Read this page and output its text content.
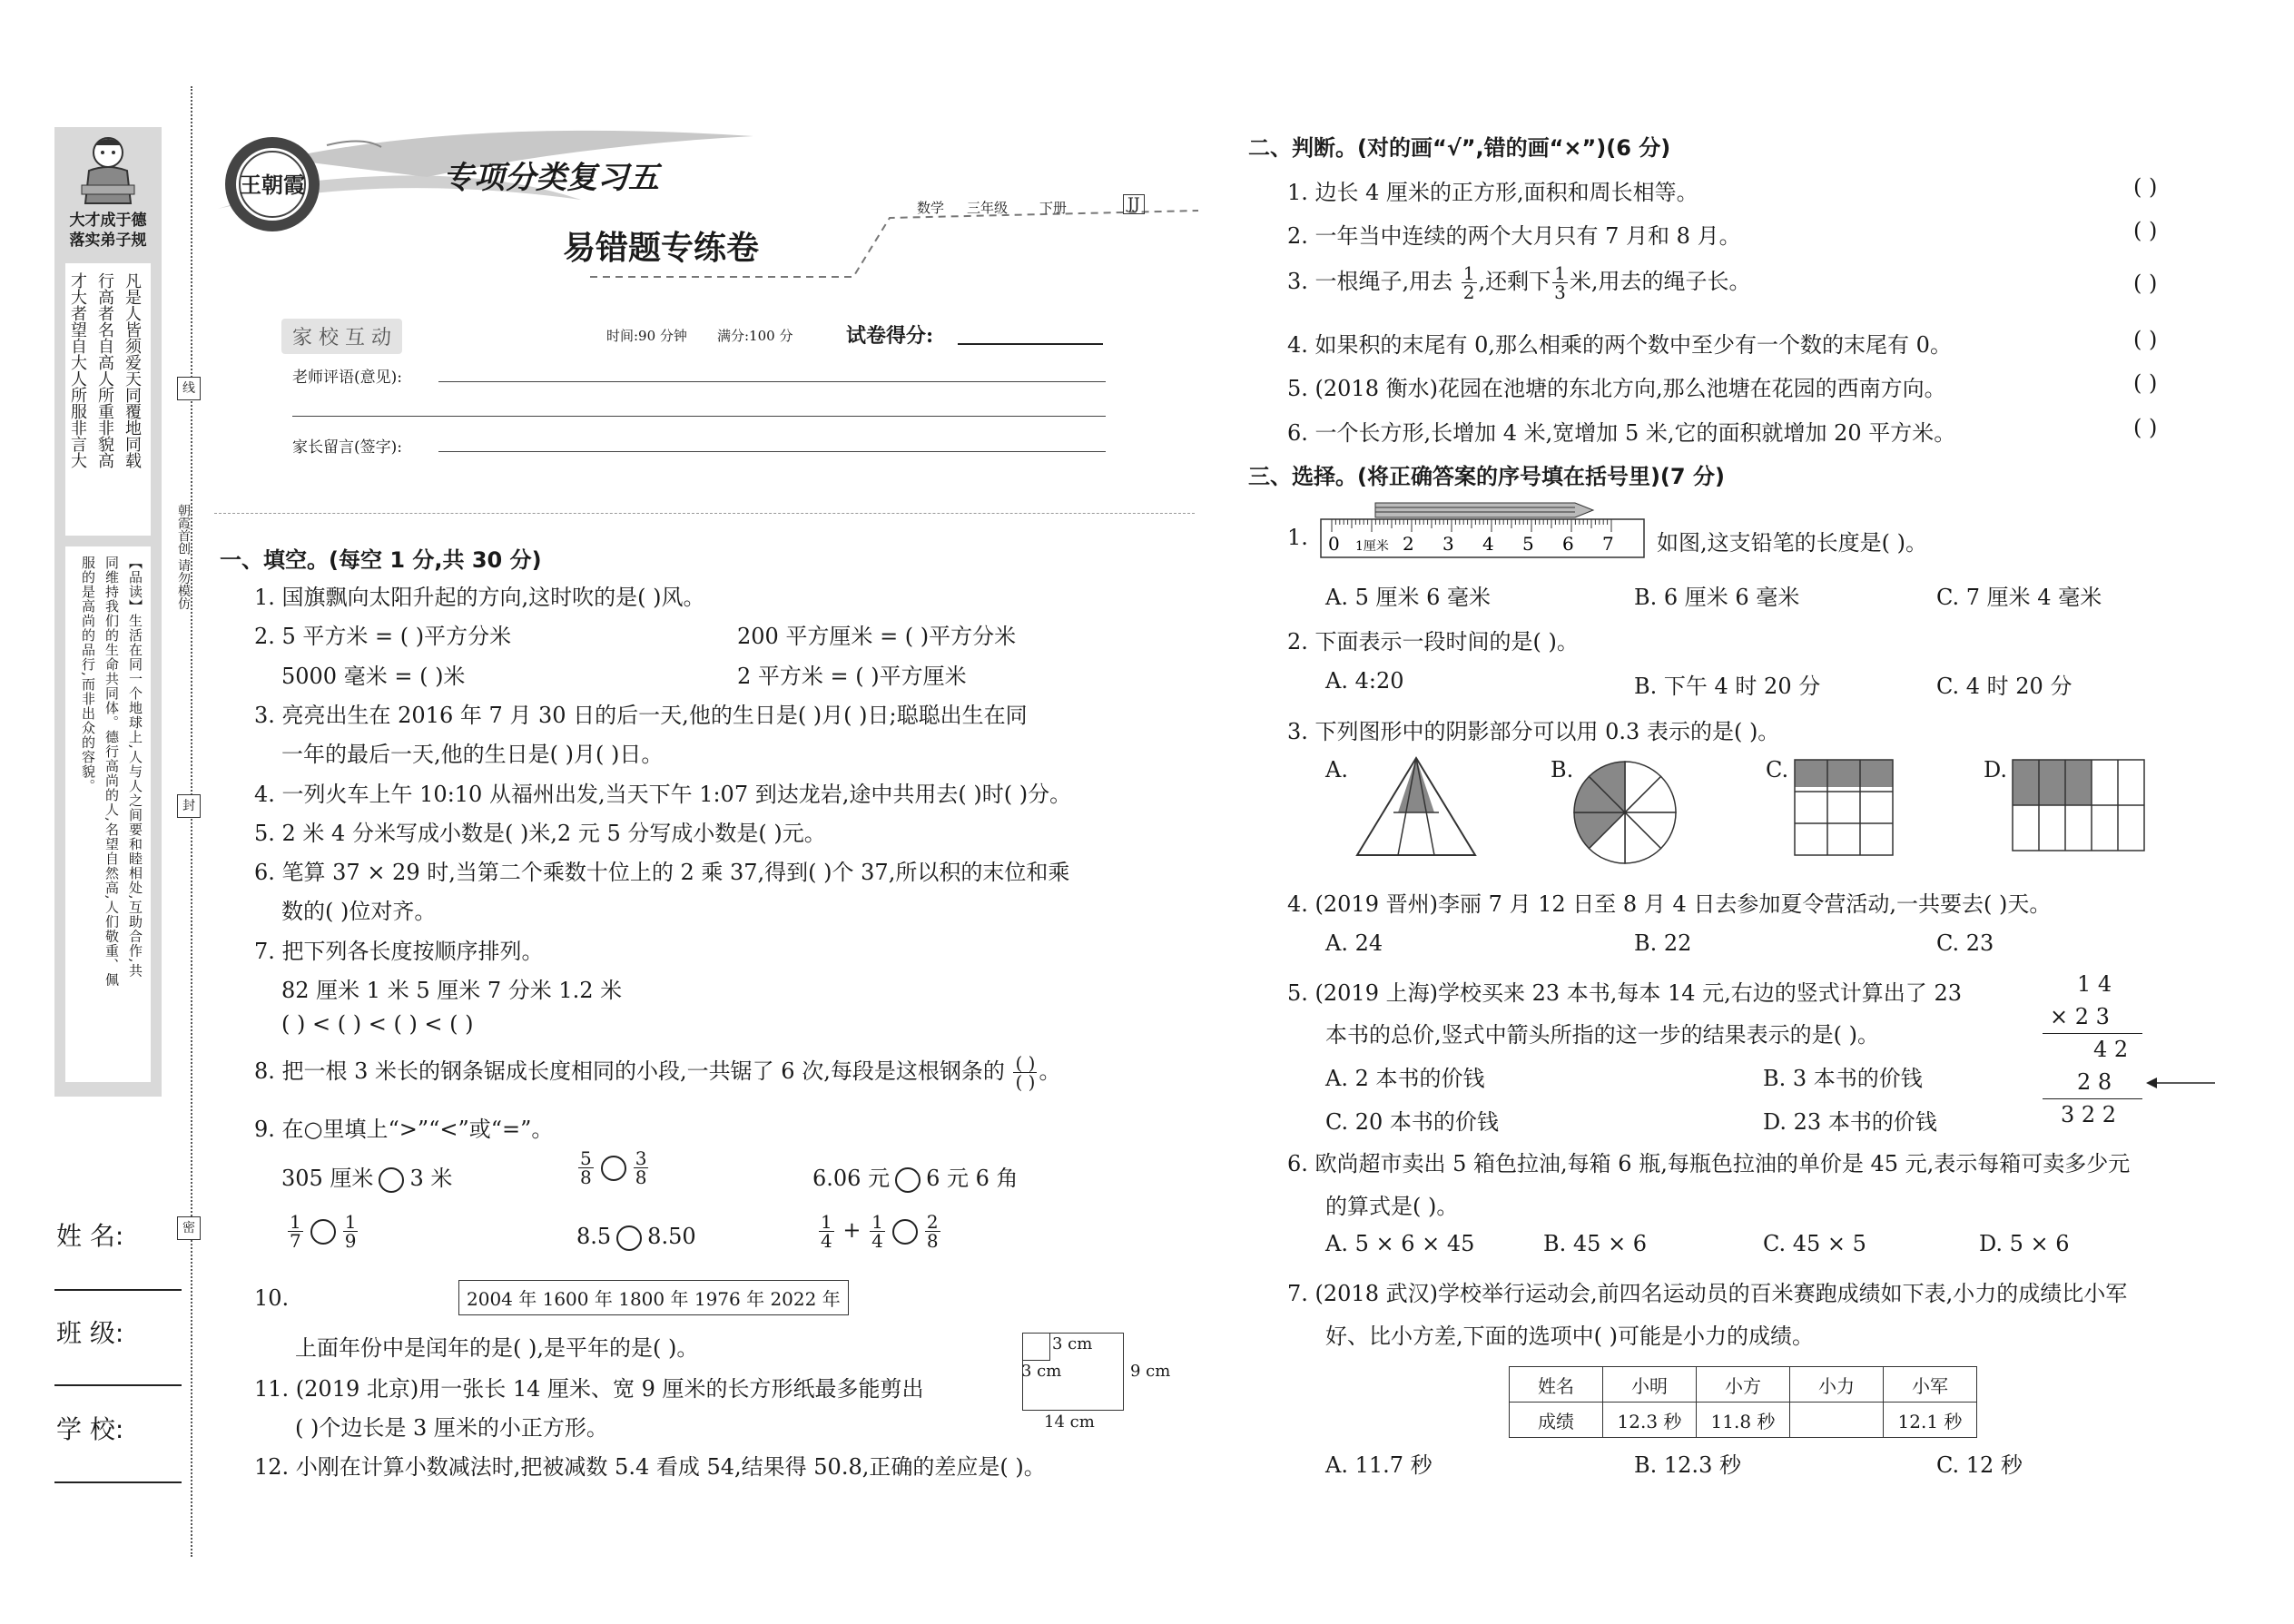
大才成于德
落实弟子规
凡是人皆须爱天同覆地同载
行高者名自高人所重非貌高
才大者望自大人所服非言大
【品读】生活在同一个地球上,人与人之间要和睦相处,互助合作,共
同维持我们的生命共同体。德行高尚的人,名望自然高,人们敬重、佩
服的是高尚的品行,而非出众的容貌。
姓 名:
班 级:
学 校:
线
朝霞首创 请勿模仿
封
密
王朝霞	专项分类复习五
易错题专练卷
数学 三年级 下册	JJ
家 校 互 动	时间:90 分钟 满分:100 分	试卷得分:
老师评语(意见):
家长留言(签字):
一、填空。(每空 1 分,共 30 分)
1. 国旗飘向太阳升起的方向,这时吹的是( )风。
2. 5 平方米 = ( )平方分米	200 平方厘米 = ( )平方分米
5000 毫米 = ( )米	2 平方米 = ( )平方厘米
3. 亮亮出生在 2016 年 7 月 30 日的后一天,他的生日是( )月( )日;聪聪出生在同
一年的最后一天,他的生日是( )月( )日。
4. 一列火车上午 10:10 从福州出发,当天下午 1:07 到达龙岩,途中共用去( )时( )分。
5. 2 米 4 分米写成小数是( )米,2 元 5 分写成小数是( )元。
6. 笔算 37 × 29 时,当第二个乘数十位上的 2 乘 37,得到( )个 37,所以积的末位和乘
数的( )位对齐。
7. 把下列各长度按顺序排列。
82 厘米 1 米 5 厘米 7 分米 1.2 米
( ) < ( ) < ( ) < ( )
8. 把一根 3 米长的钢条锯成长度相同的小段,一共锯了 6 次,每段是这根钢条的 $\frac{( )}{( )}$ 。
9. 在○里填上“>”“<”或“=”。
305 厘米 3 米	$\frac{5}{8} \frac{3}{8}$	6.06 元 6 元 6 角
$\frac{1}{7} \frac{1}{9}$	8.5 8.50	$\frac{1}{4} + \frac{1}{4} \frac{2}{8}$
10.	2004 年 1600 年 1800 年 1976 年 2022 年
上面年份中是闰年的是( ),是平年的是( )。
11. (2019 北京)用一张长 14 厘米、宽 9 厘米的长方形纸最多能剪出
( )个边长是 3 厘米的小正方形。
3 cm
3 cm	9 cm
14 cm
12. 小刚在计算小数减法时,把被减数 5.4 看成 54,结果得 50.8,正确的差应是( )。
二、判断。(对的画“√”,错的画“×”)(6 分)
1. 边长 4 厘米的正方形,面积和周长相等。
2. 一年当中连续的两个大月只有 7 月和 8 月。
3. 一根绳子,用去 $\frac{1}{2}$ ,还剩下 $\frac{1}{3}$ 米,用去的绳子长。
4. 如果积的末尾有 0,那么相乘的两个数中至少有一个数的末尾有 0。
5. (2018 衡水)花园在池塘的东北方向,那么池塘在花园的西南方向。
6. 一个长方形,长增加 4 米,宽增加 5 米,它的面积就增加 20 平方米。
( )
( )
( )
( )
( )
( )
三、选择。(将正确答案的序号填在括号里)(7 分)
1. 0 1厘米 2 3 4 5 6 7 如图,这支铅笔的长度是( )。
A. 5 厘米 6 毫米	B. 6 厘米 6 毫米	C. 7 厘米 4 毫米
2. 下面表示一段时间的是( )。
A. 4:20	B. 下午 4 时 20 分	C. 4 时 20 分
3. 下列图形中的阴影部分可以用 0.3 表示的是( )。
A.	B.	C.	D.
4. (2019 晋州)李丽 7 月 12 日至 8 月 4 日去参加夏令营活动,一共要去( )天。
A. 24	B. 22	C. 23
5. (2019 上海)学校买来 23 本书,每本 14 元,右边的竖式计算出了 23
本书的总价,竖式中箭头所指的这一步的结果表示的是( )。
A. 2 本书的价钱	B. 3 本书的价钱
C. 20 本书的价钱	D. 23 本书的价钱
1 4
× 2 3
4 2
2 8
3 2 2
6. 欧尚超市卖出 5 箱色拉油,每箱 6 瓶,每瓶色拉油的单价是 45 元,表示每箱可卖多少元
的算式是( )。
A. 5 × 6 × 45	B. 45 × 6	C. 45 × 5	D. 5 × 6
7. (2018 武汉)学校举行运动会,前四名运动员的百米赛跑成绩如下表,小力的成绩比小军
好、比小方差,下面的选项中( )可能是小力的成绩。
姓名	小明	小方	小力	小军
成绩	12.3 秒	11.8 秒		12.1 秒
A. 11.7 秒	B. 12.3 秒	C. 12 秒
